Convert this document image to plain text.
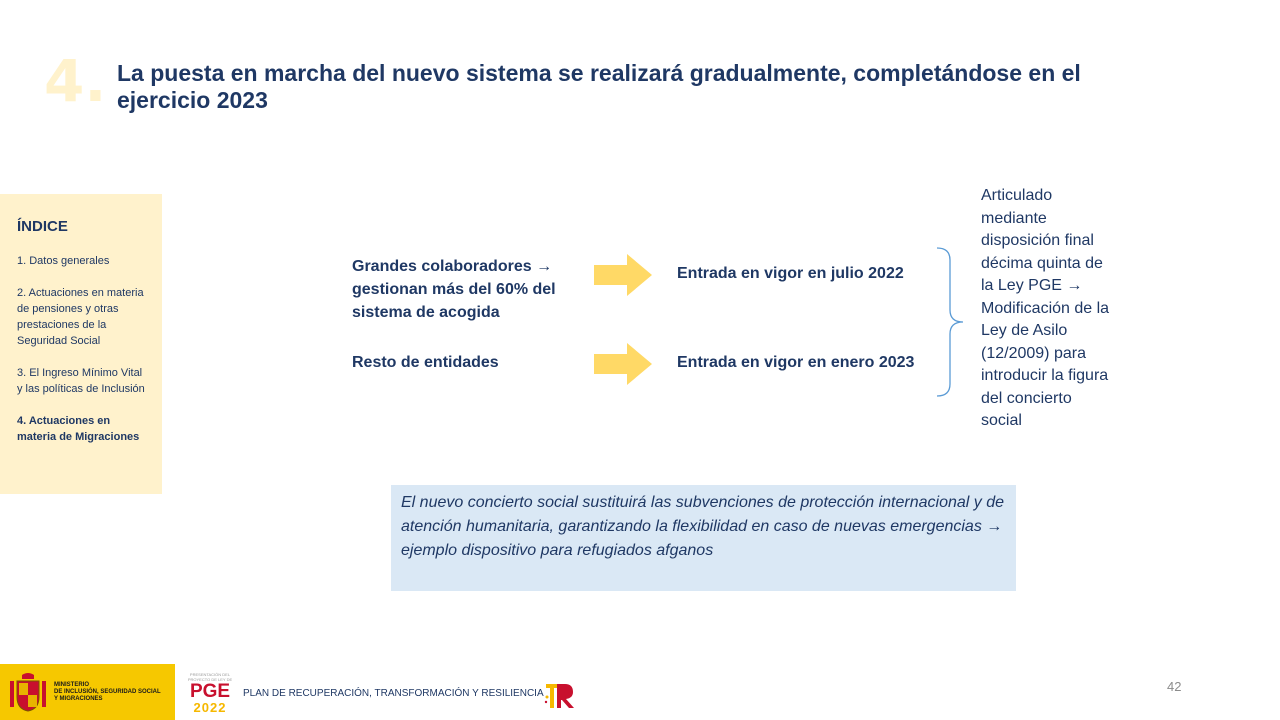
4. La puesta en marcha del nuevo sistema se realizará gradualmente, completándose en el ejercicio 2023
ÍNDICE
1. Datos generales
2. Actuaciones en materia de pensiones y otras prestaciones de la Seguridad Social
3. El Ingreso Mínimo Vital y las políticas de Inclusión
4. Actuaciones en materia de Migraciones
Grandes colaboradores → gestionan más del 60% del sistema de acogida
Entrada en vigor en julio 2022
Resto de entidades	Entrada en vigor en enero 2023
Articulado mediante disposición final décima quinta de la Ley PGE → Modificación de la Ley de Asilo (12/2009) para introducir la figura del concierto social
El nuevo concierto social sustituirá las subvenciones de protección internacional y de atención humanitaria, garantizando la flexibilidad en caso de nuevas emergencias → ejemplo dispositivo para refugiados afganos
MINISTERIO
DE INCLUSIÓN, SEGURIDAD SOCIAL
Y MIGRACIONES
PRESENTACIÓN DEL PROYECTO DE LEY DE
PGE
2022
PLAN DE RECUPERACIÓN, TRANSFORMACIÓN Y RESILIENCIA	42
